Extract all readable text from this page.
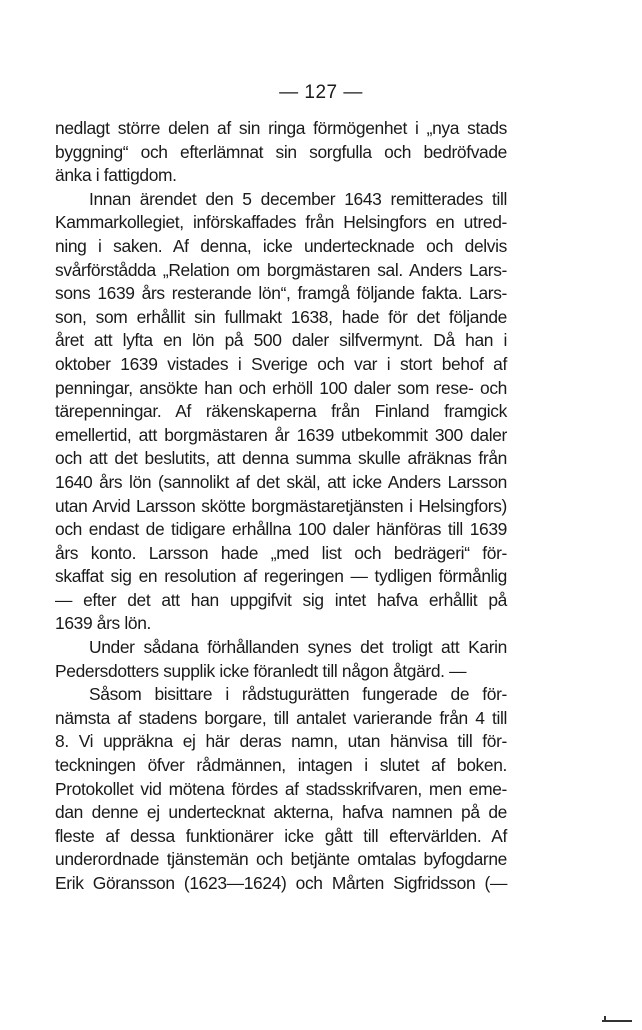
— 127 —
nedlagt större delen af sin ringa förmögenhet i „nya stads
byggning“ och efterlämnat sin sorgfulla och bedröfvade
änka i fattigdom.
Innan ärendet den 5 december 1643 remitterades till
Kammarkollegiet, införskaffades från Helsingfors en utred-
ning i saken. Af denna, icke undertecknade och delvis
svårförstådda „Relation om borgmästaren sal. Anders Lars-
sons 1639 års resterande lön“, framgå följande fakta. Lars-
son, som erhållit sin fullmakt 1638, hade för det följande
året att lyfta en lön på 500 daler silfvermynt. Då han i
oktober 1639 vistades i Sverige och var i stort behof af
penningar, ansökte han och erhöll 100 daler som rese- och
tärepenningar. Af räkenskaperna från Finland framgick
emellertid, att borgmästaren år 1639 utbekommit 300 daler
och att det beslutits, att denna summa skulle afräknas från
1640 års lön (sannolikt af det skäl, att icke Anders Larsson
utan Arvid Larsson skötte borgmästaretjänsten i Helsingfors)
och endast de tidigare erhållna 100 daler hänföras till 1639
års konto. Larsson hade „med list och bedrägeri“ för-
skaffat sig en resolution af regeringen — tydligen förmånlig
— efter det att han uppgifvit sig intet hafva erhållit på
1639 års lön.
Under sådana förhållanden synes det troligt att Karin
Pedersdotters supplik icke föranledt till någon åtgärd. —
Såsom bisittare i rådstugurätten fungerade de för-
nämsta af stadens borgare, till antalet varierande från 4 till
8. Vi uppräkna ej här deras namn, utan hänvisa till för-
teckningen öfver rådmännen, intagen i slutet af boken.
Protokollet vid mötena fördes af stadsskrifvaren, men eme-
dan denne ej undertecknat akterna, hafva namnen på de
fleste af dessa funktionärer icke gått till eftervärlden. Af
underordnade tjänstemän och betjänte omtalas byfogdarne
Erik Göransson (1623—1624) och Mårten Sigfridsson (—
